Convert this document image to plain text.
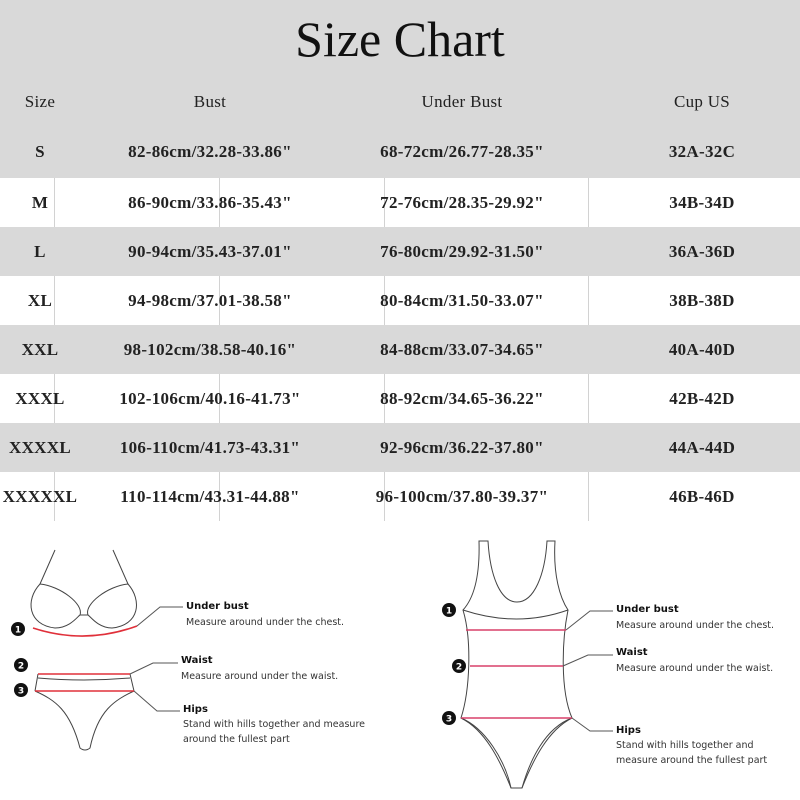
Size Chart
Size	Bust	Under Bust	Cup US
S	82-86cm/32.28-33.86"	68-72cm/26.77-28.35"	32A-32C
M	86-90cm/33.86-35.43"	72-76cm/28.35-29.92"	34B-34D
L	90-94cm/35.43-37.01"	76-80cm/29.92-31.50"	36A-36D
XL	94-98cm/37.01-38.58"	80-84cm/31.50-33.07"	38B-38D
XXL	98-102cm/38.58-40.16"	84-88cm/33.07-34.65"	40A-40D
XXXL	102-106cm/40.16-41.73"	88-92cm/34.65-36.22"	42B-42D
XXXXL	106-110cm/41.73-43.31"	92-96cm/36.22-37.80"	44A-44D
XXXXXL	110-114cm/43.31-44.88"	96-100cm/37.80-39.37"	46B-46D
1
2
3
1
2
3
Under bust
Measure around under the chest.
Waist
Measure around under the waist.
Hips
Stand with hills together and measure around the fullest part
Under bust
Measure around under the chest.
Waist
Measure around under the waist.
Hips
Stand with hills together and measure around the fullest part
